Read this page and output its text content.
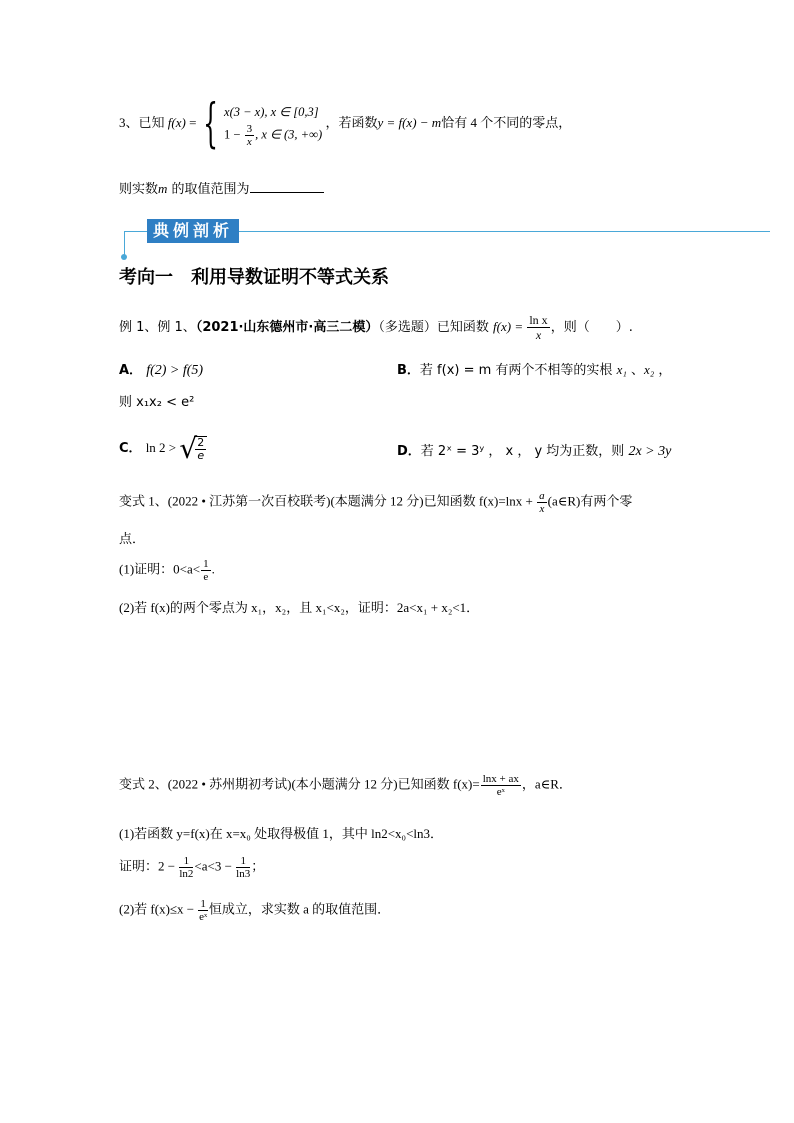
3、已知 f(x) = { x(3 − x), x ∈ [0,3]
$1 - \frac{3}{x}$ , x ∈ (3, +∞)
，若函数y = f(x) − m恰有 4 个不同的零点，
则实数m 的取值范围为
典例剖析
考向一　利用导数证明不等式关系
例 1、例 1、（2021·山东德州市·高三二模）（多选题）已知函数 $f(x) = \frac{\text{ln x}}{x}$ ，则（　　）.
A． f(2) > f(5)	B．若 f(x) = m 有两个不相等的实根 x₁ 、x₂ ，
则 x₁x₂ < e²
C． ln 2 > √
$\frac{2}{e}$	D．若 2ˣ = 3ʸ ， x ， y 均为正数，则 2x > 3y
变式 1、(2022 • 江苏第一次百校联考)(本题满分 12 分)已知函数 $f(x)=\ln x + \frac{a}{x}$ (a∈R)有两个零
点．
(1)证明：$0<a< \frac{1}{e}$ .
(2)若 f(x)的两个零点为 x₁，x₂，且 x₁<x₂，证明：2a<x₁ + x₂<1．
变式 2、(2022 • 苏州期初考试)(本小题满分 12 分)已知函数 $f(x)= \frac{\ln x + ax}{\text{eˣ}}$ ，a∈R．
(1)若函数 y=f(x)在 x=x₀ 处取得极值 1，其中 ln2<x₀<ln3．
证明：$2 - \frac{1}{\ln 2} <a<3 - \frac{1}{\ln 3}$ ；
(2)若 $f(x)\le x - \frac{1}{\text{eˣ}}$ 恒成立，求实数 a 的取值范围．
